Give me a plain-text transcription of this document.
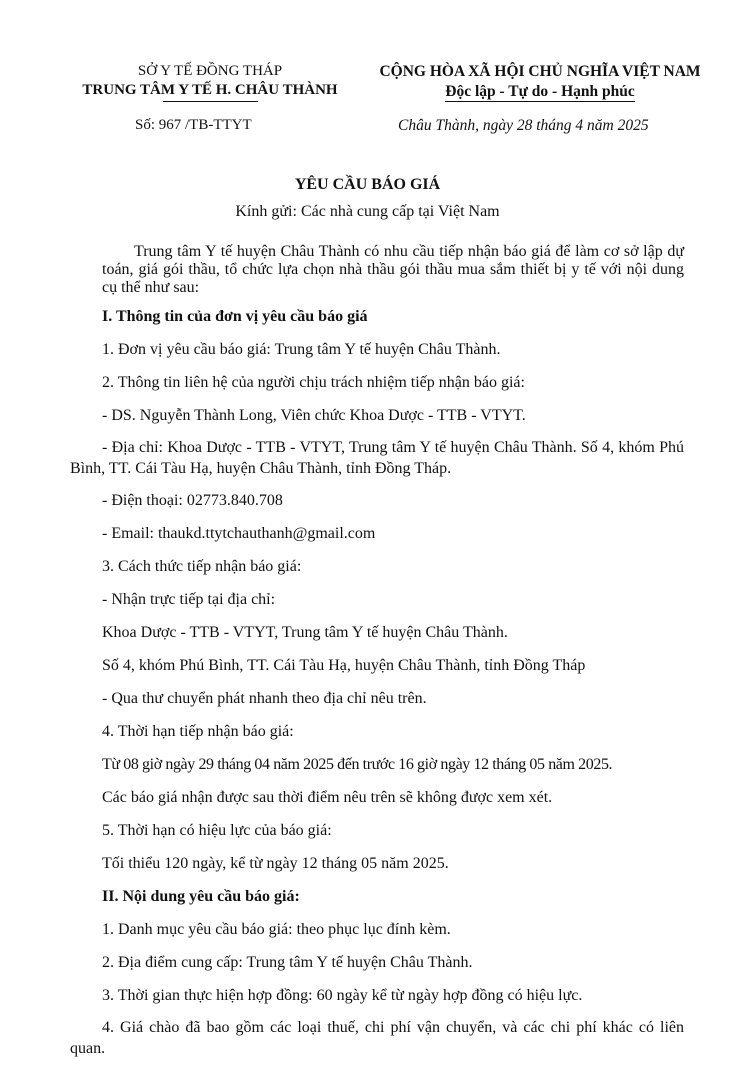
SỞ Y TẾ ĐỒNG THÁP
TRUNG TÂM Y TẾ H. CHÂU THÀNH
CỘNG HÒA XÃ HỘI CHỦ NGHĨA VIỆT NAM
Độc lập - Tự do - Hạnh phúc
Số: 967 /TB-TTYT	Châu Thành, ngày 28 tháng 4 năm 2025
YÊU CẦU BÁO GIÁ
Kính gửi: Các nhà cung cấp tại Việt Nam

Trung tâm Y tế huyện Châu Thành có nhu cầu tiếp nhận báo giá để làm cơ sở lập dự toán, giá gói thầu, tổ chức lựa chọn nhà thầu gói thầu mua sắm thiết bị y tế với nội dung cụ thể như sau:

I. Thông tin của đơn vị yêu cầu báo giá

1. Đơn vị yêu cầu báo giá: Trung tâm Y tế huyện Châu Thành.

2. Thông tin liên hệ của người chịu trách nhiệm tiếp nhận báo giá:

- DS. Nguyễn Thành Long, Viên chức Khoa Dược - TTB - VTYT.

- Địa chỉ: Khoa Dược - TTB - VTYT, Trung tâm Y tế huyện Châu Thành. Số 4, khóm Phú Bình, TT. Cái Tàu Hạ, huyện Châu Thành, tỉnh Đồng Tháp.

- Điện thoại: 02773.840.708

- Email: thaukd.ttytchauthanh@gmail.com

3. Cách thức tiếp nhận báo giá:

- Nhận trực tiếp tại địa chỉ:

Khoa Dược - TTB - VTYT, Trung tâm Y tế huyện Châu Thành.

Số 4, khóm Phú Bình, TT. Cái Tàu Hạ, huyện Châu Thành, tỉnh Đồng Tháp

- Qua thư chuyển phát nhanh theo địa chỉ nêu trên.

4. Thời hạn tiếp nhận báo giá:

Từ 08 giờ ngày 29 tháng 04 năm 2025 đến trước 16 giờ ngày 12 tháng 05 năm 2025.

Các báo giá nhận được sau thời điểm nêu trên sẽ không được xem xét.

5. Thời hạn có hiệu lực của báo giá:

Tối thiểu 120 ngày, kể từ ngày 12 tháng 05 năm 2025.

II. Nội dung yêu cầu báo giá:

1. Danh mục yêu cầu báo giá: theo phục lục đính kèm.

2. Địa điểm cung cấp: Trung tâm Y tế huyện Châu Thành.

3. Thời gian thực hiện hợp đồng: 60 ngày kể từ ngày hợp đồng có hiệu lực.

4. Giá chào đã bao gồm các loại thuế, chi phí vận chuyển, và các chi phí khác có liên quan.
